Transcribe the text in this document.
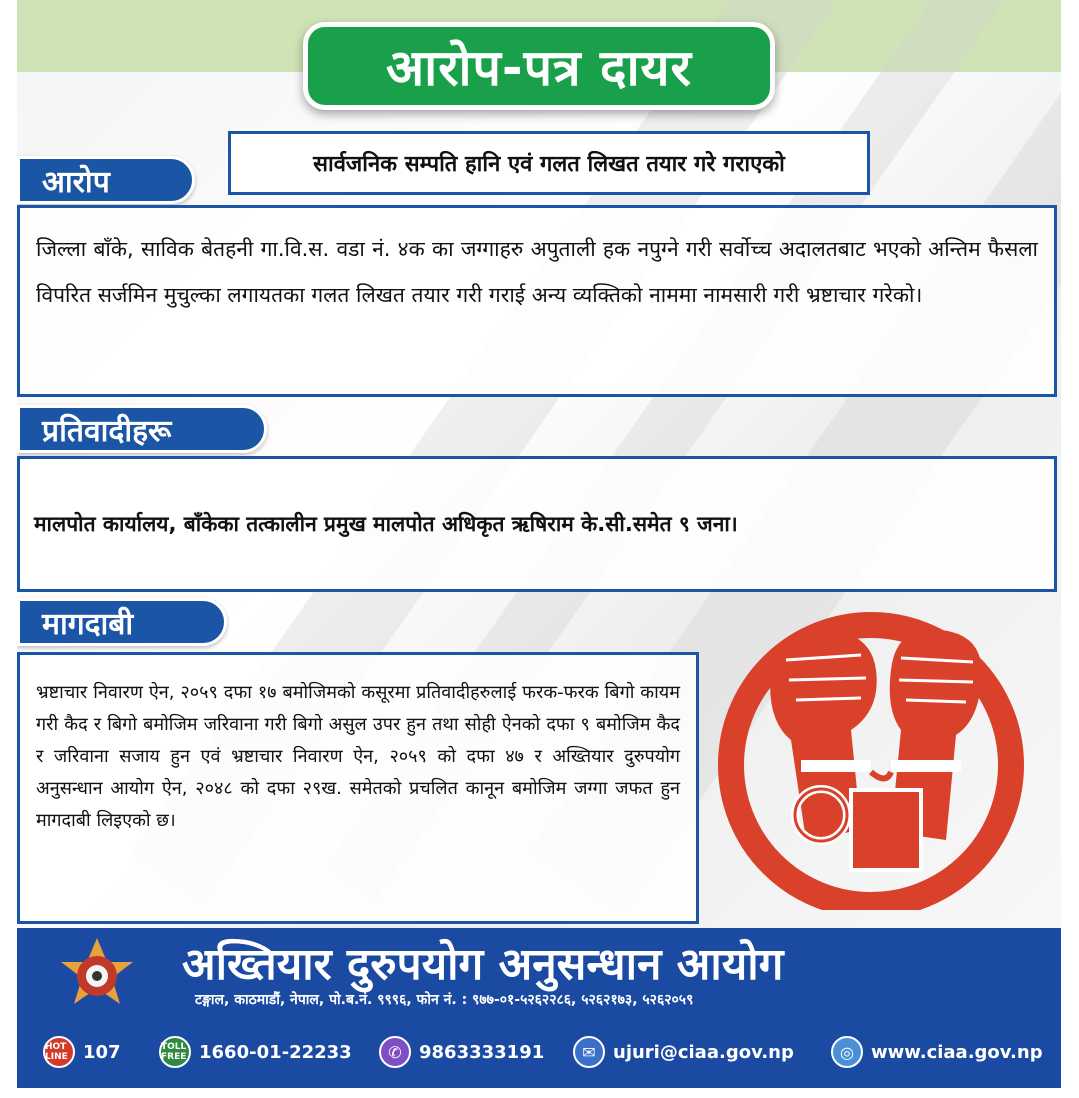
आरोप-पत्र दायर
सार्वजनिक सम्पति हानि एवं गलत लिखत तयार गरे गराएको
आरोप

जिल्ला बाँके, साविक बेतहनी गा.वि.स. वडा नं. ४क का जग्गाहरु अपुताली हक नपुग्ने गरी सर्वोच्च अदालतबाट भएको अन्तिम फैसला विपरित सर्जमिन मुचुल्का लगायतका गलत लिखत तयार गरी गराई अन्य व्यक्तिको नाममा नामसारी गरी भ्रष्टाचार गरेको।

प्रतिवादीहरू

मालपोत कार्यालय, बाँकेका तत्कालीन प्रमुख मालपोत अधिकृत ऋषिराम के.सी.समेत ९ जना।

मागदाबी

भ्रष्टाचार निवारण ऐन, २०५९ दफा १७ बमोजिमको कसूरमा प्रतिवादीहरुलाई फरक-फरक बिगो कायम गरी कैद र बिगो बमोजिम जरिवाना गरी बिगो असुल उपर हुन तथा सोही ऐनको दफा ९ बमोजिम कैद र जरिवाना सजाय हुन एवं भ्रष्टाचार निवारण ऐन, २०५९ को दफा ४७ र अख्तियार दुरुपयोग अनुसन्धान आयोग ऐन, २०४८ को दफा २९ख. समेतको प्रचलित कानून बमोजिम जग्गा जफत हुन मागदाबी लिइएको छ।

अख्तियार दुरुपयोग अनुसन्धान आयोग
टङ्गाल, काठमाडौं, नेपाल, पो.ब.नं. ९९९६, फोन नं. : ९७७-०१-५२६२२८६, ५२६२१७३, ५२६२०५९
HOT LINE 107	TOLL FREE 1660-01-22233	✆ 9863333191	✉ ujuri@ciaa.gov.np	◎ www.ciaa.gov.np
